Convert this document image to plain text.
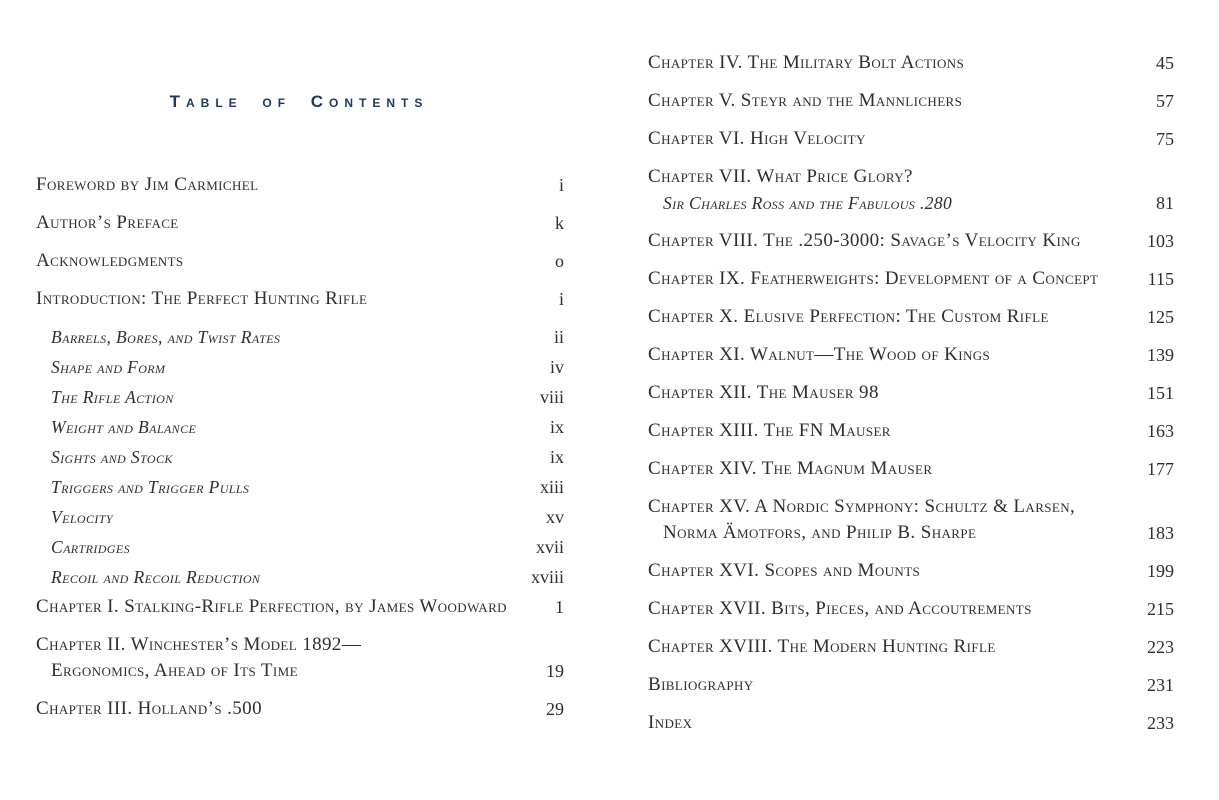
Table of Contents
Foreword by Jim Carmichel	i
Author’s Preface	k
Acknowledgments	o
Introduction: The Perfect Hunting Rifle	i
Barrels, Bores, and Twist Rates	ii
Shape and Form	iv
The Rifle Action	viii
Weight and Balance	ix
Sights and Stock	ix
Triggers and Trigger Pulls	xiii
Velocity	xv
Cartridges	xvii
Recoil and Recoil Reduction	xviii
Chapter I. Stalking-Rifle Perfection, by James Woodward	1
Chapter II. Winchester’s Model 1892—
Ergonomics, Ahead of Its Time	19
Chapter III. Holland’s .500	29
Chapter IV. The Military Bolt Actions	45
Chapter V. Steyr and the Mannlichers	57
Chapter VI. High Velocity	75
Chapter VII. What Price Glory?
Sir Charles Ross and the Fabulous .280	81
Chapter VIII. The .250-3000: Savage’s Velocity King	103
Chapter IX. Featherweights: Development of a Concept	115
Chapter X. Elusive Perfection: The Custom Rifle	125
Chapter XI. Walnut—The Wood of Kings	139
Chapter XII. The Mauser 98	151
Chapter XIII. The FN Mauser	163
Chapter XIV. The Magnum Mauser	177
Chapter XV. A Nordic Symphony: Schultz & Larsen,
Norma Ämotfors, and Philip B. Sharpe	183
Chapter XVI. Scopes and Mounts	199
Chapter XVII. Bits, Pieces, and Accoutrements	215
Chapter XVIII. The Modern Hunting Rifle	223
Bibliography	231
Index	233
